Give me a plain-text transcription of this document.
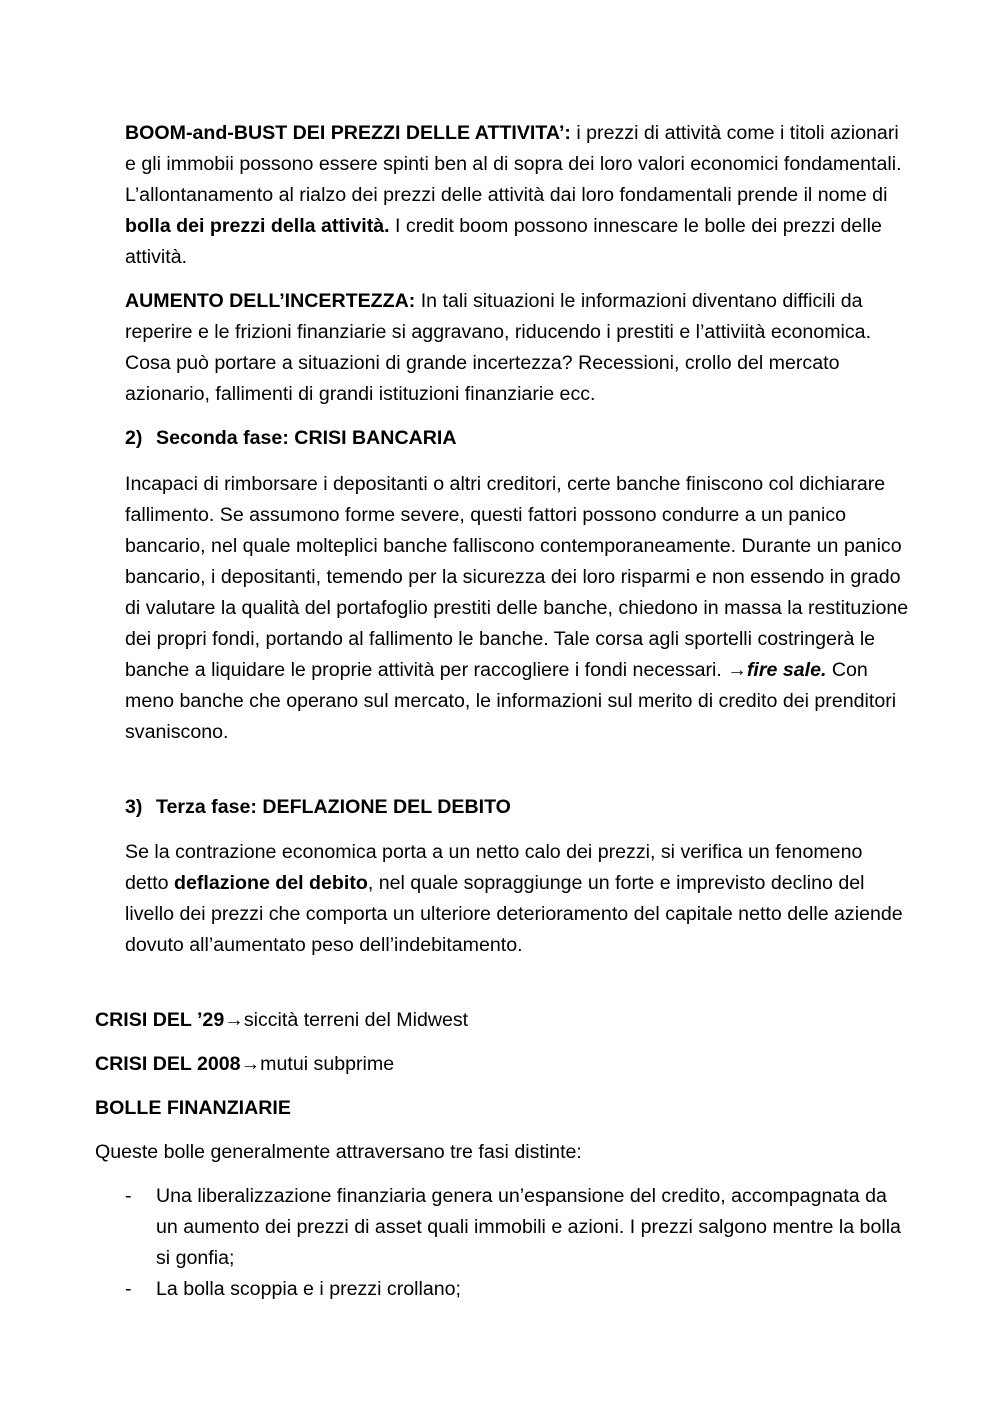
BOOM-and-BUST DEI PREZZI DELLE ATTIVITA’: i prezzi di attività come i titoli azionari e gli immobii possono essere spinti ben al di sopra dei loro valori economici fondamentali. L’allontanamento al rialzo dei prezzi delle attività dai loro fondamentali prende il nome di bolla dei prezzi della attività. I credit boom possono innescare le bolle dei prezzi delle attività.

AUMENTO DELL’INCERTEZZA: In tali situazioni le informazioni diventano difficili da reperire e le frizioni finanziarie si aggravano, riducendo i prestiti e l’attiviità economica. Cosa può portare a situazioni di grande incertezza? Recessioni, crollo del mercato azionario, fallimenti di grandi istituzioni finanziarie ecc.

2) Seconda fase: CRISI BANCARIA

Incapaci di rimborsare i depositanti o altri creditori, certe banche finiscono col dichiarare fallimento. Se assumono forme severe, questi fattori possono condurre a un panico bancario, nel quale molteplici banche falliscono contemporaneamente. Durante un panico bancario, i depositanti, temendo per la sicurezza dei loro risparmi e non essendo in grado di valutare la qualità del portafoglio prestiti delle banche, chiedono in massa la restituzione dei propri fondi, portando al fallimento le banche. Tale corsa agli sportelli costringerà le banche a liquidare le proprie attività per raccogliere i fondi necessari. →fire sale. Con meno banche che operano sul mercato, le informazioni sul merito di credito dei prenditori svaniscono.

3) Terza fase: DEFLAZIONE DEL DEBITO

Se la contrazione economica porta a un netto calo dei prezzi, si verifica un fenomeno detto deflazione del debito, nel quale sopraggiunge un forte e imprevisto declino del livello dei prezzi che comporta un ulteriore deterioramento del capitale netto delle aziende dovuto all’aumentato peso dell’indebitamento.

CRISI DEL ’29→siccità terreni del Midwest

CRISI DEL 2008→mutui subprime

BOLLE FINANZIARIE

Queste bolle generalmente attraversano tre fasi distinte:

- Una liberalizzazione finanziaria genera un’espansione del credito, accompagnata da un aumento dei prezzi di asset quali immobili e azioni. I prezzi salgono mentre la bolla si gonfia;

- La bolla scoppia e i prezzi crollano;
